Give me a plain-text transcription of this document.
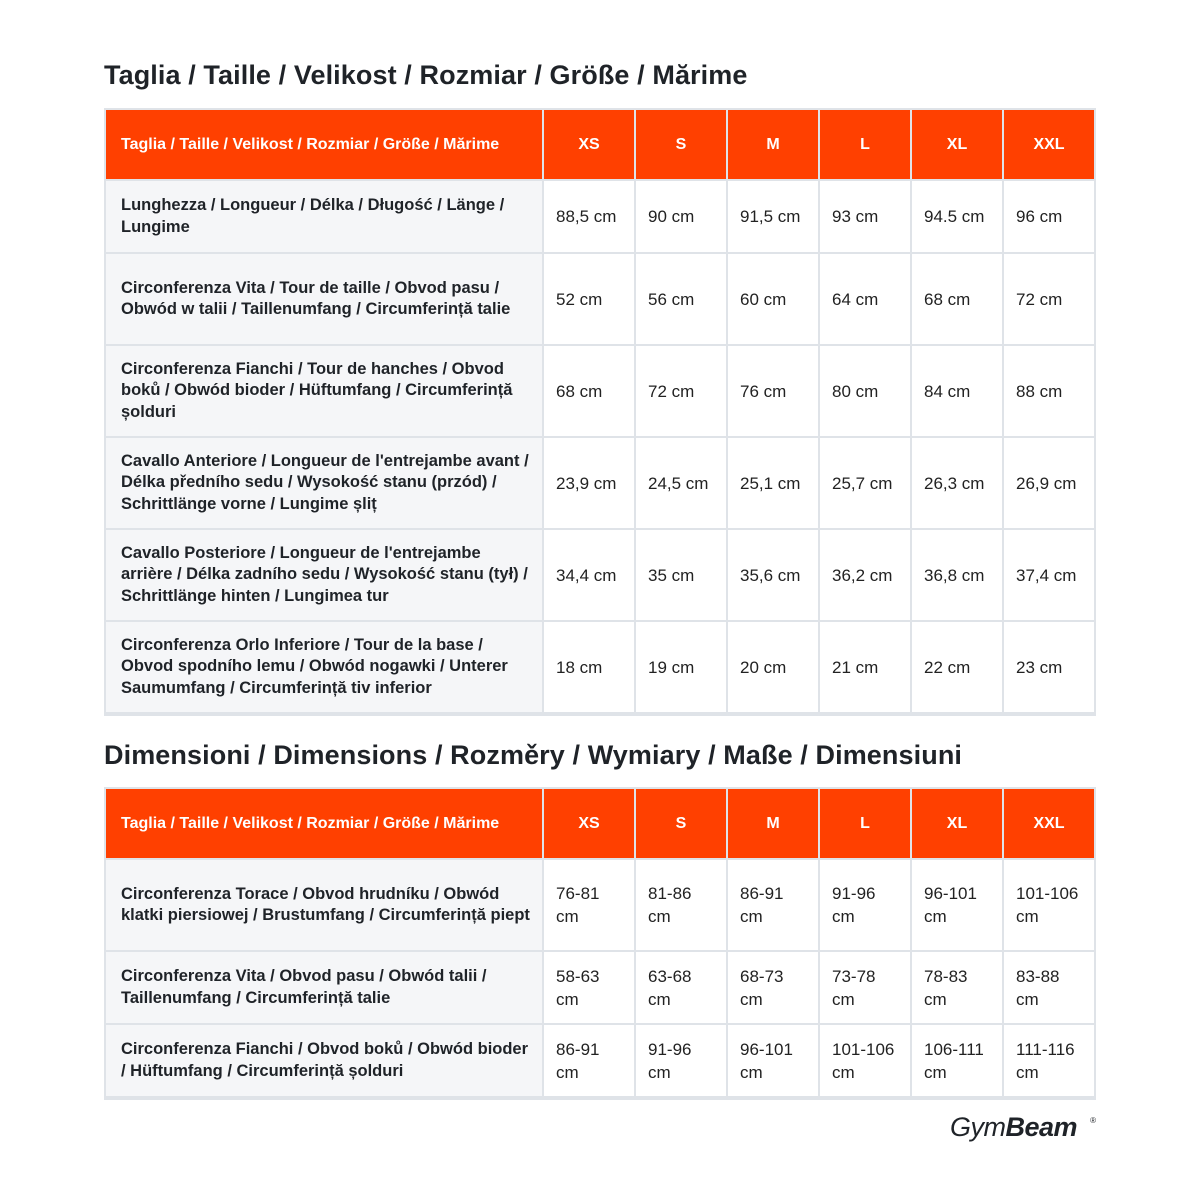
Taglia / Taille / Velikost / Rozmiar / Größe / Mărime
Taglia / Taille / Velikost / Rozmiar / Größe / Mărime	XS	S	M	L	XL	XXL
Lunghezza / Longueur / Délka / Długość / Länge / Lungime	88,5 cm	90 cm	91,5 cm	93 cm	94.5 cm	96 cm
Circonferenza Vita / Tour de taille / Obvod pasu / Obwód w talii / Taillenumfang / Circumferință talie	52 cm	56 cm	60 cm	64 cm	68 cm	72 cm
Circonferenza Fianchi / Tour de hanches / Obvod boků / Obwód bioder / Hüftumfang / Circumferință șolduri	68 cm	72 cm	76 cm	80 cm	84 cm	88 cm
Cavallo Anteriore / Longueur de l'entrejambe avant / Délka předního sedu / Wysokość stanu (przód) / Schrittlänge vorne / Lungime șliț	23,9 cm	24,5 cm	25,1 cm	25,7 cm	26,3 cm	26,9 cm
Cavallo Posteriore / Longueur de l'entrejambe arrière / Délka zadního sedu / Wysokość stanu (tył) / Schrittlänge hinten / Lungimea tur	34,4 cm	35 cm	35,6 cm	36,2 cm	36,8 cm	37,4 cm
Circonferenza Orlo Inferiore / Tour de la base / Obvod spodního lemu / Obwód nogawki / Unterer Saumumfang / Circumferință tiv inferior	18 cm	19 cm	20 cm	21 cm	22 cm	23 cm
Dimensioni / Dimensions / Rozměry / Wymiary / Maße / Dimensiuni
Taglia / Taille / Velikost / Rozmiar / Größe / Mărime	XS	S	M	L	XL	XXL
Circonferenza Torace / Obvod hrudníku / Obwód klatki piersiowej / Brustumfang / Circumferință piept	76-81 cm	81-86 cm	86-91 cm	91-96 cm	96-101 cm	101-106 cm
Circonferenza Vita / Obvod pasu / Obwód talii / Taillenumfang / Circumferință talie	58-63 cm	63-68 cm	68-73 cm	73-78 cm	78-83 cm	83-88 cm
Circonferenza Fianchi / Obvod boků / Obwód bioder / Hüftumfang / Circumferință șolduri	86-91 cm	91-96 cm	96-101 cm	101-106 cm	106-111 cm	111-116 cm
GymBeam ®
